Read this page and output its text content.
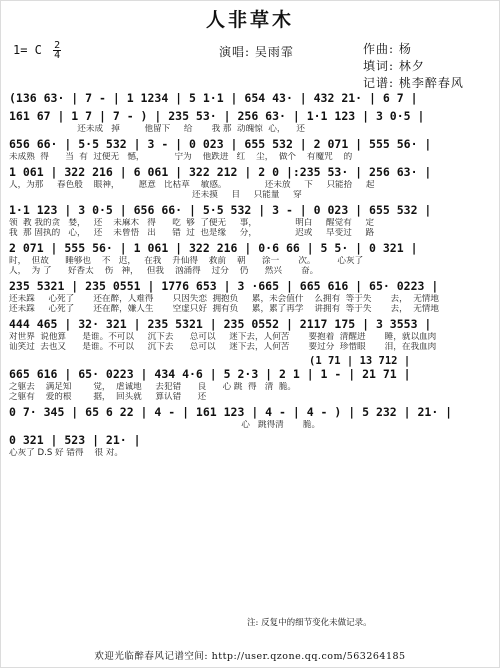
人非草木
1= C $\frac{2}{4}$	演唱: 吴雨霏	作曲: 杨
填词: 林夕
记谱: 桃李醉春风
(136 63· | 7 - | 1 1234 | 5 1·1 | 654 43· | 432 21· | 6 7 |
161 67 | 1 7 | 7 - ) | 235 53· | 256 63· | 1·1 123 | 3 0·5 |
还未成   掉         他留下     给       我 那  动魄惊  心，    还
656 66· | 5·5 532 | 3 - | 0 023 | 655 532 | 2 071 | 555 56· |
未成熟  得      当  有  过便无   憾，           宁为    他跌进   红    尘，  做个    有魔咒    的
1 061 | 322 216 | 6 061 | 322 212 | 2 0 |:235 53· | 256 63· |
人，为那     春色般    眼神，       愿意   比枯草    敏感。              还未放     下     只能拾     起
还未摸     目     只能量     穿
1·1 123 | 3 0·5 | 656 66· | 5·5 532 | 3 - | 0 023 | 655 532 |
领  教 我的贪   婪，   还    未麻木   得      吃  够  了便无     事，              明白     醒觉有     定
我  那 固执的   心，   还    未曾悟   出      错  过  也是缘     分，              迟或     早变过     路
2 071 | 555 56· | 1 061 | 322 216 | 0·6 66 | 5 5· | 0 321 |
时，  但故      睡够也    不   迟，   在我    升仙得    救前    朝      涂一       次。        心灰了
人，  为 了      好香太    伤   神，   但我    汹涌得    过分    仍      然兴       奋。
235 5321 | 235 0551 | 1776 653 | 3 ·665 | 665 616 | 65· 0223 |
还未踩     心死了       还在醉，人难得       只因失恋  拥抱负     累，未会值什    么拥有  等于失       去，  无情地
还未踩     心死了       还在醉，嫌人生       空虚只好  拥有负     累，累了再学    讲拥有  等于失       去，  无情地
444 465 | 32· 321 | 235 5321 | 235 0552 | 2117 175 | 3 3553 |
对世界  说他算      是谁。不可以     沉下去      总可以     迷下去，人何苦       要抱着  清醒进       睡，就以血肉
讪笑过  去也又      是谁。不可以     沉下去      总可以     迷下去，人何苦       要过分  珍惜眼       泪，在我血肉
(1 71 | 13 712 |
665 616 | 65· 0223 | 434 4·6 | 5 2·3 | 2 1 | 1 - | 21 71 |
之躯去    满足知        觉，  虐诚地     去犯错      良      心 跳  得   清  脆。
之躯有    爱的根        据，  回头就     算认错      还
0 7· 345 | 65 6 22 | 4 - | 161 123 | 4 - | 4 - ) | 5 232 | 21· |
心   跳得清       脆。
0 321 | 523 | 21· |
心灰了 D.S 好 错得    很 对。
注: 反复中的细节变化未做记录。
欢迎光临醉春风记谱空间: http://user.qzone.qq.com/563264185
